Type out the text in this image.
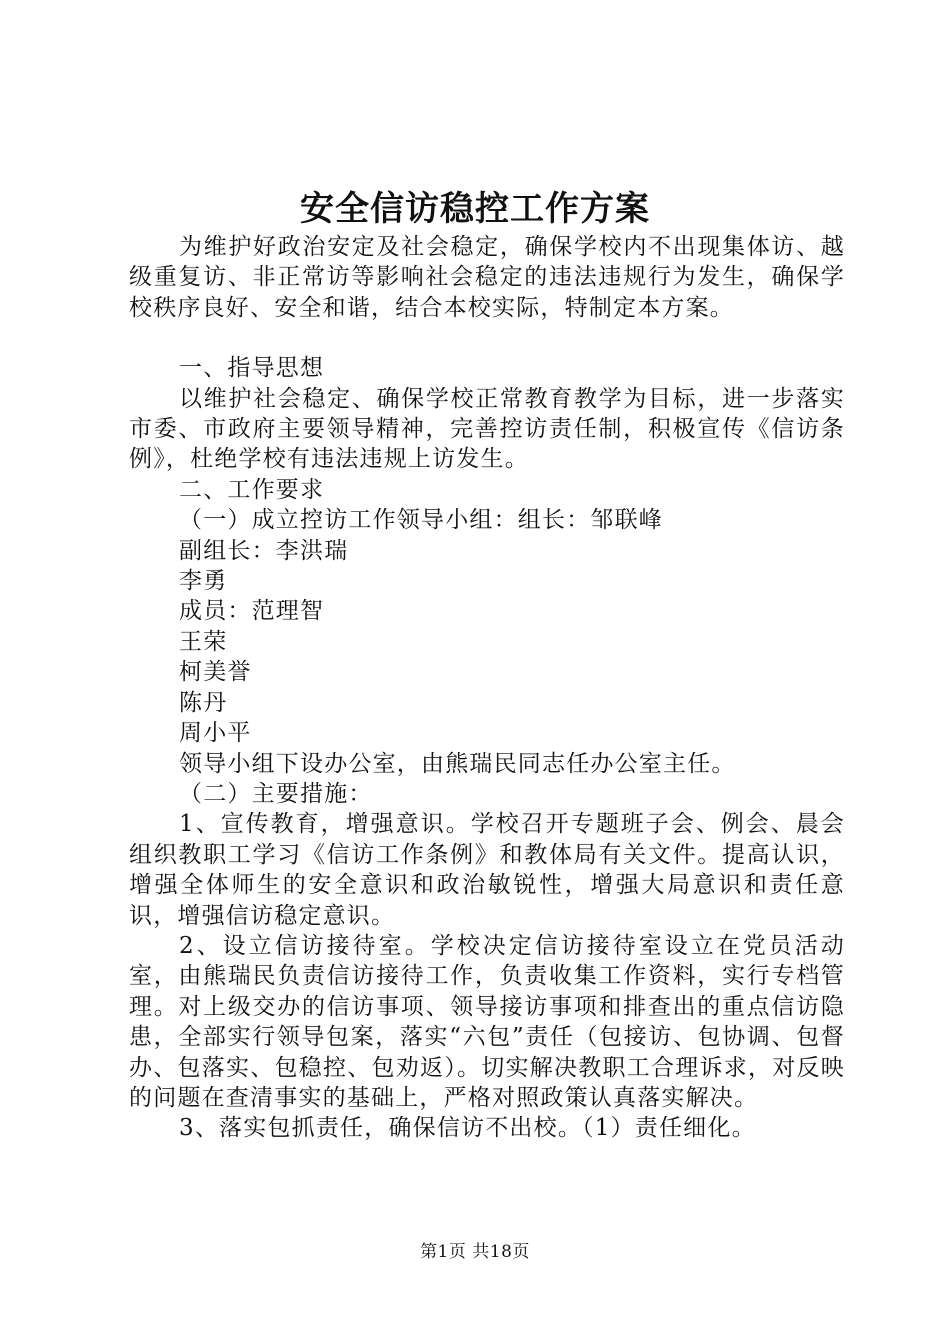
安全信访稳控工作方案

为维护好政治安定及社会稳定，确保学校内不出现集体访、越级重复访、非正常访等影响社会稳定的违法违规行为发生，确保学校秩序良好、安全和谐，结合本校实际，特制定本方案。

一、指导思想

以维护社会稳定、确保学校正常教育教学为目标，进一步落实市委、市政府主要领导精神，完善控访责任制，积极宣传《信访条例》，杜绝学校有违法违规上访发生。

二、工作要求

（一）成立控访工作领导小组：组长：邹联峰

副组长：李洪瑞

李勇

成员：范理智

王荣

柯美誉

陈丹

周小平

领导小组下设办公室，由熊瑞民同志任办公室主任。

（二）主要措施：

1、宣传教育，增强意识。学校召开专题班子会、例会、晨会组织教职工学习《信访工作条例》和教体局有关文件。提高认识，增强全体师生的安全意识和政治敏锐性，增强大局意识和责任意识，增强信访稳定意识。

2、设立信访接待室。学校决定信访接待室设立在党员活动室，由熊瑞民负责信访接待工作，负责收集工作资料，实行专档管理。对上级交办的信访事项、领导接访事项和排查出的重点信访隐患，全部实行领导包案，落实“六包”责任（包接访、包协调、包督办、包落实、包稳控、包劝返）。切实解决教职工合理诉求，对反映的问题在查清事实的基础上，严格对照政策认真落实解决。

3、落实包抓责任，确保信访不出校。（1）责任细化。

第1页 共18页
